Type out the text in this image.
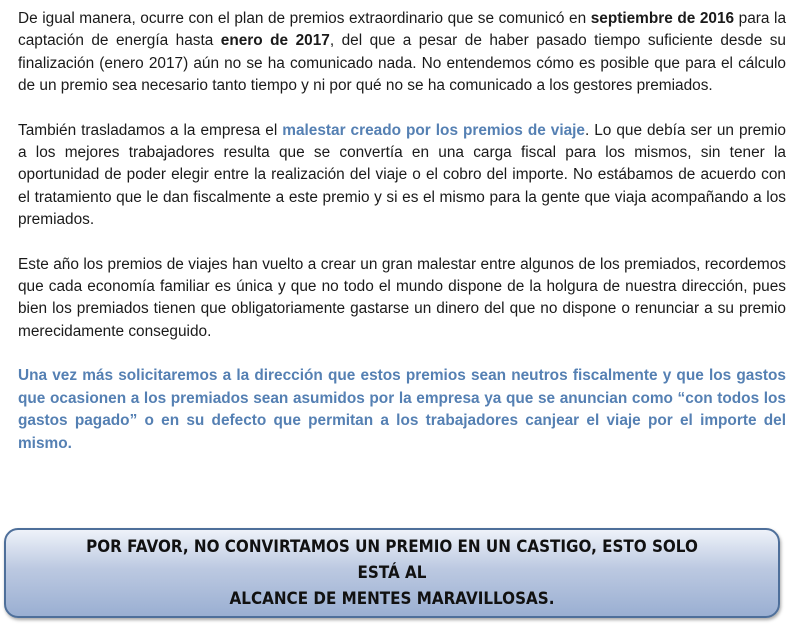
De igual manera, ocurre con el plan de premios extraordinario que se comunicó en septiembre de 2016 para la captación de energía hasta enero de 2017, del que a pesar de haber pasado tiempo suficiente desde su finalización (enero 2017) aún no se ha comunicado nada. No entendemos cómo es posible que para el cálculo de un premio sea necesario tanto tiempo y ni por qué no se ha comunicado a los gestores premiados.

También trasladamos a la empresa el malestar creado por los premios de viaje. Lo que debía ser un premio a los mejores trabajadores resulta que se convertía en una carga fiscal para los mismos, sin tener la oportunidad de poder elegir entre la realización del viaje o el cobro del importe. No estábamos de acuerdo con el tratamiento que le dan fiscalmente a este premio y si es el mismo para la gente que viaja acompañando a los premiados.

Este año los premios de viajes han vuelto a crear un gran malestar entre algunos de los premiados, recordemos que cada economía familiar es única y que no todo el mundo dispone de la holgura de nuestra dirección, pues bien los premiados tienen que obligatoriamente gastarse un dinero del que no dispone o renunciar a su premio merecidamente conseguido.

Una vez más solicitaremos a la dirección que estos premios sean neutros fiscalmente y que los gastos que ocasionen a los premiados sean asumidos por la empresa ya que se anuncian como “con todos los gastos pagado” o en su defecto que permitan a los trabajadores canjear el viaje por el importe del mismo.

POR FAVOR, NO CONVIRTAMOS UN PREMIO EN UN CASTIGO, ESTO SOLO ESTÁ AL
ALCANCE DE MENTES MARAVILLOSAS.
